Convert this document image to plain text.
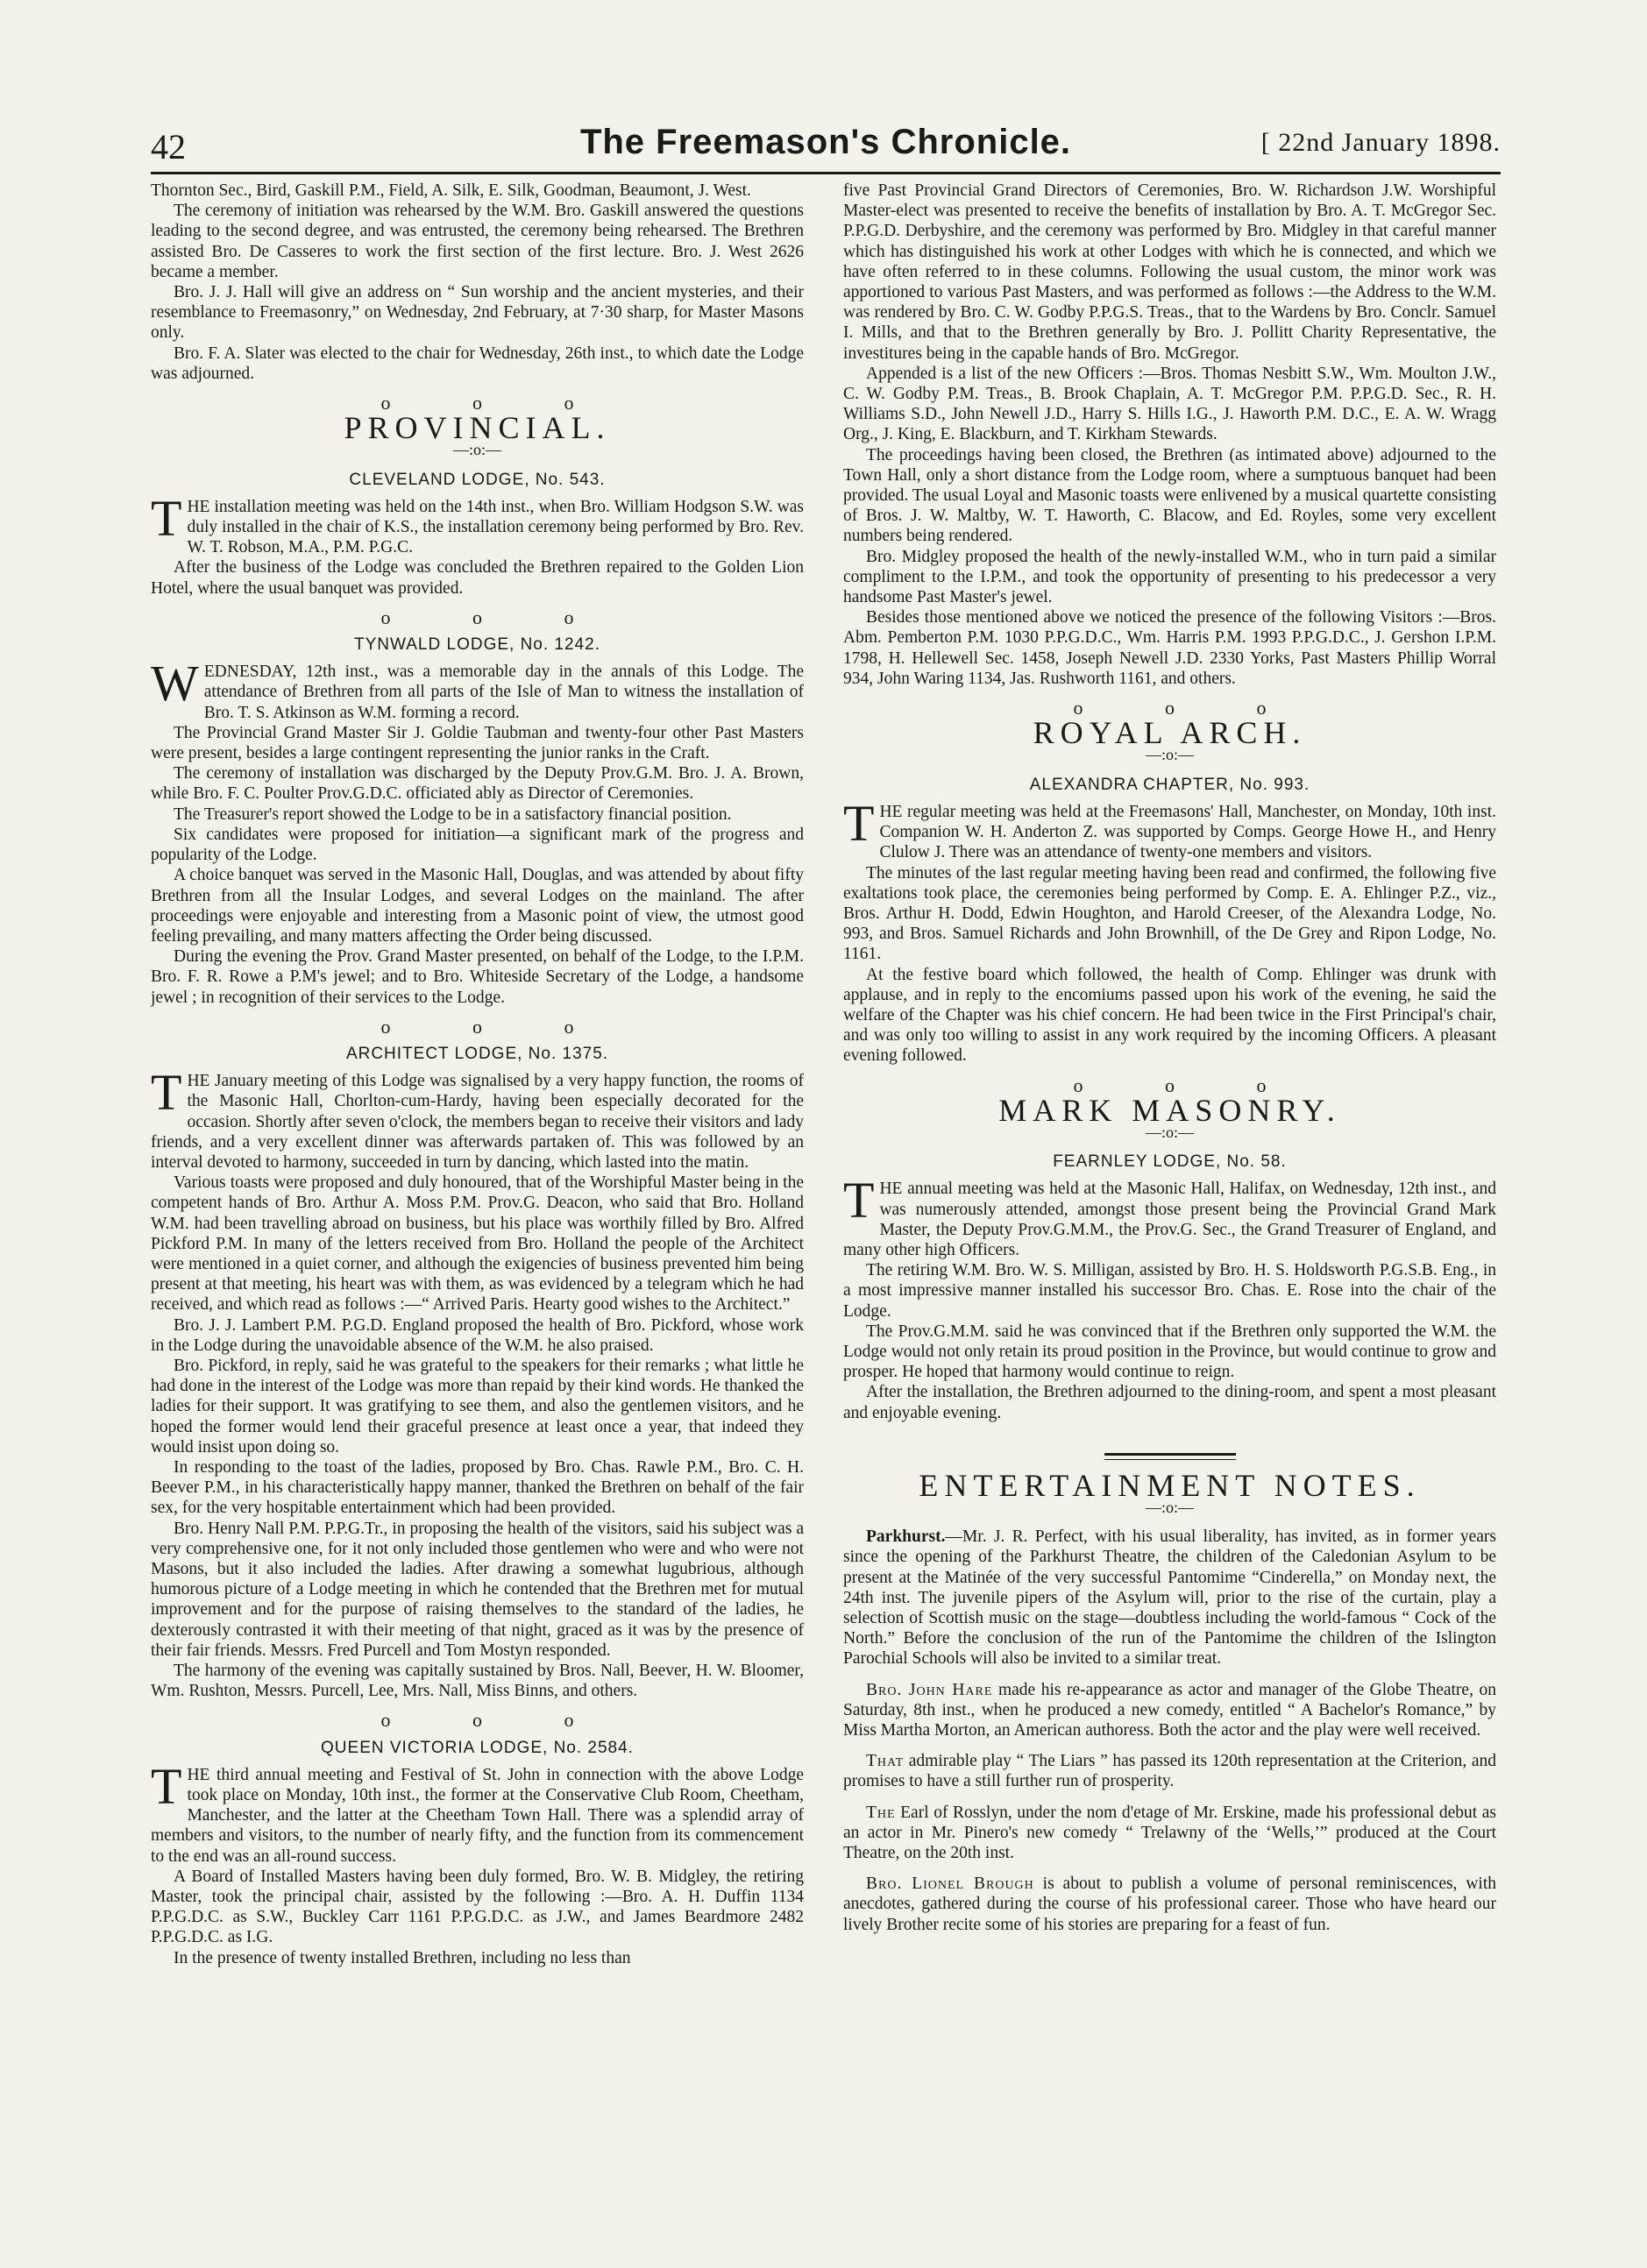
42	The Freemason's Chronicle.	[ 22nd January 1898.

Thornton Sec., Bird, Gaskill P.M., Field, A. Silk, E. Silk, Goodman, Beaumont, J. West.

The ceremony of initiation was rehearsed by the W.M. Bro. Gaskill answered the questions leading to the second degree, and was entrusted, the ceremony being rehearsed. The Brethren assisted Bro. De Casseres to work the first section of the first lecture. Bro. J. West 2626 became a member.

Bro. J. J. Hall will give an address on “ Sun worship and the ancient mysteries, and their resemblance to Freemasonry,” on Wednesday, 2nd February, at 7·30 sharp, for Master Masons only.

Bro. F. A. Slater was elected to the chair for Wednesday, 26th inst., to which date the Lodge was adjourned.

o o o
PROVINCIAL.
—:o:—
CLEVELAND LODGE, No. 543.

THE installation meeting was held on the 14th inst., when Bro. William Hodgson S.W. was duly installed in the chair of K.S., the installation ceremony being performed by Bro. Rev. W. T. Robson, M.A., P.M. P.G.C.

After the business of the Lodge was concluded the Brethren repaired to the Golden Lion Hotel, where the usual banquet was provided.

o o o
TYNWALD LODGE, No. 1242.

WEDNESDAY, 12th inst., was a memorable day in the annals of this Lodge. The attendance of Brethren from all parts of the Isle of Man to witness the installation of Bro. T. S. Atkinson as W.M. forming a record.

The Provincial Grand Master Sir J. Goldie Taubman and twenty-four other Past Masters were present, besides a large contingent representing the junior ranks in the Craft.

The ceremony of installation was discharged by the Deputy Prov.G.M. Bro. J. A. Brown, while Bro. F. C. Poulter Prov.G.D.C. officiated ably as Director of Ceremonies.

The Treasurer's report showed the Lodge to be in a satisfactory financial position.

Six candidates were proposed for initiation—a significant mark of the progress and popularity of the Lodge.

A choice banquet was served in the Masonic Hall, Douglas, and was attended by about fifty Brethren from all the Insular Lodges, and several Lodges on the mainland. The after proceedings were enjoyable and interesting from a Masonic point of view, the utmost good feeling prevailing, and many matters affecting the Order being discussed.

During the evening the Prov. Grand Master presented, on behalf of the Lodge, to the I.P.M. Bro. F. R. Rowe a P.M's jewel; and to Bro. Whiteside Secretary of the Lodge, a handsome jewel ; in recognition of their services to the Lodge.

o o o
ARCHITECT LODGE, No. 1375.

THE January meeting of this Lodge was signalised by a very happy function, the rooms of the Masonic Hall, Chorlton-cum-Hardy, having been especially decorated for the occasion. Shortly after seven o'clock, the members began to receive their visitors and lady friends, and a very excellent dinner was afterwards partaken of. This was followed by an interval devoted to harmony, succeeded in turn by dancing, which lasted into the matin.

Various toasts were proposed and duly honoured, that of the Worshipful Master being in the competent hands of Bro. Arthur A. Moss P.M. Prov.G. Deacon, who said that Bro. Holland W.M. had been travelling abroad on business, but his place was worthily filled by Bro. Alfred Pickford P.M. In many of the letters received from Bro. Holland the people of the Architect were mentioned in a quiet corner, and although the exigencies of business prevented him being present at that meeting, his heart was with them, as was evidenced by a telegram which he had received, and which read as follows :—“ Arrived Paris. Hearty good wishes to the Architect.”

Bro. J. J. Lambert P.M. P.G.D. England proposed the health of Bro. Pickford, whose work in the Lodge during the unavoidable absence of the W.M. he also praised.

Bro. Pickford, in reply, said he was grateful to the speakers for their remarks ; what little he had done in the interest of the Lodge was more than repaid by their kind words. He thanked the ladies for their support. It was gratifying to see them, and also the gentlemen visitors, and he hoped the former would lend their graceful presence at least once a year, that indeed they would insist upon doing so.

In responding to the toast of the ladies, proposed by Bro. Chas. Rawle P.M., Bro. C. H. Beever P.M., in his characteristically happy manner, thanked the Brethren on behalf of the fair sex, for the very hospitable entertainment which had been provided.

Bro. Henry Nall P.M. P.P.G.Tr., in proposing the health of the visitors, said his subject was a very comprehensive one, for it not only included those gentlemen who were and who were not Masons, but it also included the ladies. After drawing a somewhat lugubrious, although humorous picture of a Lodge meeting in which he contended that the Brethren met for mutual improvement and for the purpose of raising themselves to the standard of the ladies, he dexterously contrasted it with their meeting of that night, graced as it was by the presence of their fair friends. Messrs. Fred Purcell and Tom Mostyn responded.

The harmony of the evening was capitally sustained by Bros. Nall, Beever, H. W. Bloomer, Wm. Rushton, Messrs. Purcell, Lee, Mrs. Nall, Miss Binns, and others.

o o o
QUEEN VICTORIA LODGE, No. 2584.

THE third annual meeting and Festival of St. John in connection with the above Lodge took place on Monday, 10th inst., the former at the Conservative Club Room, Cheetham, Manchester, and the latter at the Cheetham Town Hall. There was a splendid array of members and visitors, to the number of nearly fifty, and the function from its commencement to the end was an all-round success.

A Board of Installed Masters having been duly formed, Bro. W. B. Midgley, the retiring Master, took the principal chair, assisted by the following :—Bro. A. H. Duffin 1134 P.P.G.D.C. as S.W., Buckley Carr 1161 P.P.G.D.C. as J.W., and James Beardmore 2482 P.P.G.D.C. as I.G.

In the presence of twenty installed Brethren, including no less than

five Past Provincial Grand Directors of Ceremonies, Bro. W. Richardson J.W. Worshipful Master-elect was presented to receive the benefits of installation by Bro. A. T. McGregor Sec. P.P.G.D. Derbyshire, and the ceremony was performed by Bro. Midgley in that careful manner which has distinguished his work at other Lodges with which he is connected, and which we have often referred to in these columns. Following the usual custom, the minor work was apportioned to various Past Masters, and was performed as follows :—the Address to the W.M. was rendered by Bro. C. W. Godby P.P.G.S. Treas., that to the Wardens by Bro. Conclr. Samuel I. Mills, and that to the Brethren generally by Bro. J. Pollitt Charity Representative, the investitures being in the capable hands of Bro. McGregor.

Appended is a list of the new Officers :—Bros. Thomas Nesbitt S.W., Wm. Moulton J.W., C. W. Godby P.M. Treas., B. Brook Chaplain, A. T. McGregor P.M. P.P.G.D. Sec., R. H. Williams S.D., John Newell J.D., Harry S. Hills I.G., J. Haworth P.M. D.C., E. A. W. Wragg Org., J. King, E. Blackburn, and T. Kirkham Stewards.

The proceedings having been closed, the Brethren (as intimated above) adjourned to the Town Hall, only a short distance from the Lodge room, where a sumptuous banquet had been provided. The usual Loyal and Masonic toasts were enlivened by a musical quartette consisting of Bros. J. W. Maltby, W. T. Haworth, C. Blacow, and Ed. Royles, some very excellent numbers being rendered.

Bro. Midgley proposed the health of the newly-installed W.M., who in turn paid a similar compliment to the I.P.M., and took the opportunity of presenting to his predecessor a very handsome Past Master's jewel.

Besides those mentioned above we noticed the presence of the following Visitors :—Bros. Abm. Pemberton P.M. 1030 P.P.G.D.C., Wm. Harris P.M. 1993 P.P.G.D.C., J. Gershon I.P.M. 1798, H. Hellewell Sec. 1458, Joseph Newell J.D. 2330 Yorks, Past Masters Phillip Worral 934, John Waring 1134, Jas. Rushworth 1161, and others.

o o o
ROYAL ARCH.
—:o:—
ALEXANDRA CHAPTER, No. 993.

THE regular meeting was held at the Freemasons' Hall, Manchester, on Monday, 10th inst. Companion W. H. Anderton Z. was supported by Comps. George Howe H., and Henry Clulow J. There was an attendance of twenty-one members and visitors.

The minutes of the last regular meeting having been read and confirmed, the following five exaltations took place, the ceremonies being performed by Comp. E. A. Ehlinger P.Z., viz., Bros. Arthur H. Dodd, Edwin Houghton, and Harold Creeser, of the Alexandra Lodge, No. 993, and Bros. Samuel Richards and John Brownhill, of the De Grey and Ripon Lodge, No. 1161.

At the festive board which followed, the health of Comp. Ehlinger was drunk with applause, and in reply to the encomiums passed upon his work of the evening, he said the welfare of the Chapter was his chief concern. He had been twice in the First Principal's chair, and was only too willing to assist in any work required by the incoming Officers. A pleasant evening followed.

o o o
MARK MASONRY.
—:o:—
FEARNLEY LODGE, No. 58.

THE annual meeting was held at the Masonic Hall, Halifax, on Wednesday, 12th inst., and was numerously attended, amongst those present being the Provincial Grand Mark Master, the Deputy Prov.G.M.M., the Prov.G. Sec., the Grand Treasurer of England, and many other high Officers.

The retiring W.M. Bro. W. S. Milligan, assisted by Bro. H. S. Holdsworth P.G.S.B. Eng., in a most impressive manner installed his successor Bro. Chas. E. Rose into the chair of the Lodge.

The Prov.G.M.M. said he was convinced that if the Brethren only supported the W.M. the Lodge would not only retain its proud position in the Province, but would continue to grow and prosper. He hoped that harmony would continue to reign.

After the installation, the Brethren adjourned to the dining-room, and spent a most pleasant and enjoyable evening.

ENTERTAINMENT NOTES.
—:o:—

Parkhurst.—Mr. J. R. Perfect, with his usual liberality, has invited, as in former years since the opening of the Parkhurst Theatre, the children of the Caledonian Asylum to be present at the Matinée of the very successful Pantomime “Cinderella,” on Monday next, the 24th inst. The juvenile pipers of the Asylum will, prior to the rise of the curtain, play a selection of Scottish music on the stage—doubtless including the world-famous “ Cock of the North.” Before the conclusion of the run of the Pantomime the children of the Islington Parochial Schools will also be invited to a similar treat.

Bro. John Hare made his re-appearance as actor and manager of the Globe Theatre, on Saturday, 8th inst., when he produced a new comedy, entitled “ A Bachelor's Romance,” by Miss Martha Morton, an American authoress. Both the actor and the play were well received.

That admirable play “ The Liars ” has passed its 120th representation at the Criterion, and promises to have a still further run of prosperity.

The Earl of Rosslyn, under the nom d'etage of Mr. Erskine, made his professional debut as an actor in Mr. Pinero's new comedy “ Trelawny of the ‘Wells,’” produced at the Court Theatre, on the 20th inst.

Bro. Lionel Brough is about to publish a volume of personal reminiscences, with anecdotes, gathered during the course of his professional career. Those who have heard our lively Brother recite some of his stories are preparing for a feast of fun.
